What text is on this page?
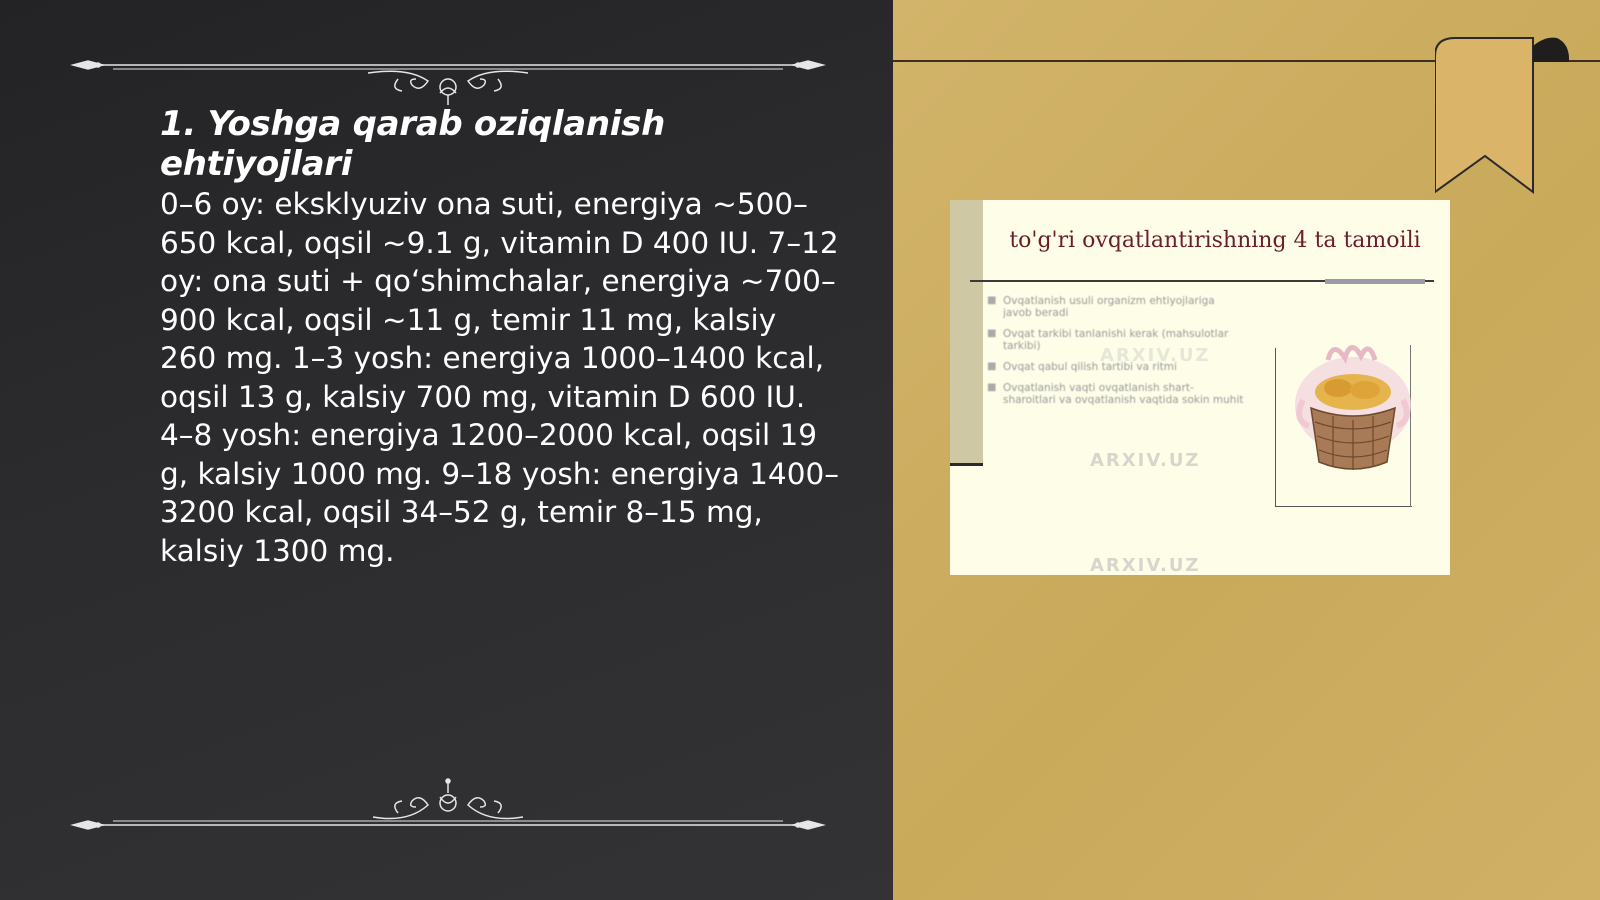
1. Yoshga qarab oziqlanish ehtiyojlari

0–6 oy: eksklyuziv ona suti, energiya ~500–650 kcal, oqsil ~9.1 g, vitamin D 400 IU. 7–12 oy: ona suti + qo‘shimchalar, energiya ~700–900 kcal, oqsil ~11 g, temir 11 mg, kalsiy 260 mg. 1–3 yosh: energiya 1000–1400 kcal, oqsil 13 g, kalsiy 700 mg, vitamin D 600 IU. 4–8 yosh: energiya 1200–2000 kcal, oqsil 19 g, kalsiy 1000 mg. 9–18 yosh: energiya 1400–3200 kcal, oqsil 34–52 g, temir 8–15 mg, kalsiy 1300 mg.

to'g'ri ovqatlantirishning 4 ta tamoili
■ Ovqatlanish usuli organizm ehtiyojlariga javob beradi
■ Ovqat tarkibi tanlanishi kerak (mahsulotlar tarkibi)
■ Ovqat qabul qilish tartibi va ritmi
■ Ovqatlanish vaqti ovqatlanish shart-sharoitlari va ovqatlanish vaqtida sokin muhit
ARXIV.UZ
ARXIV.UZ
ARXIV.UZ
